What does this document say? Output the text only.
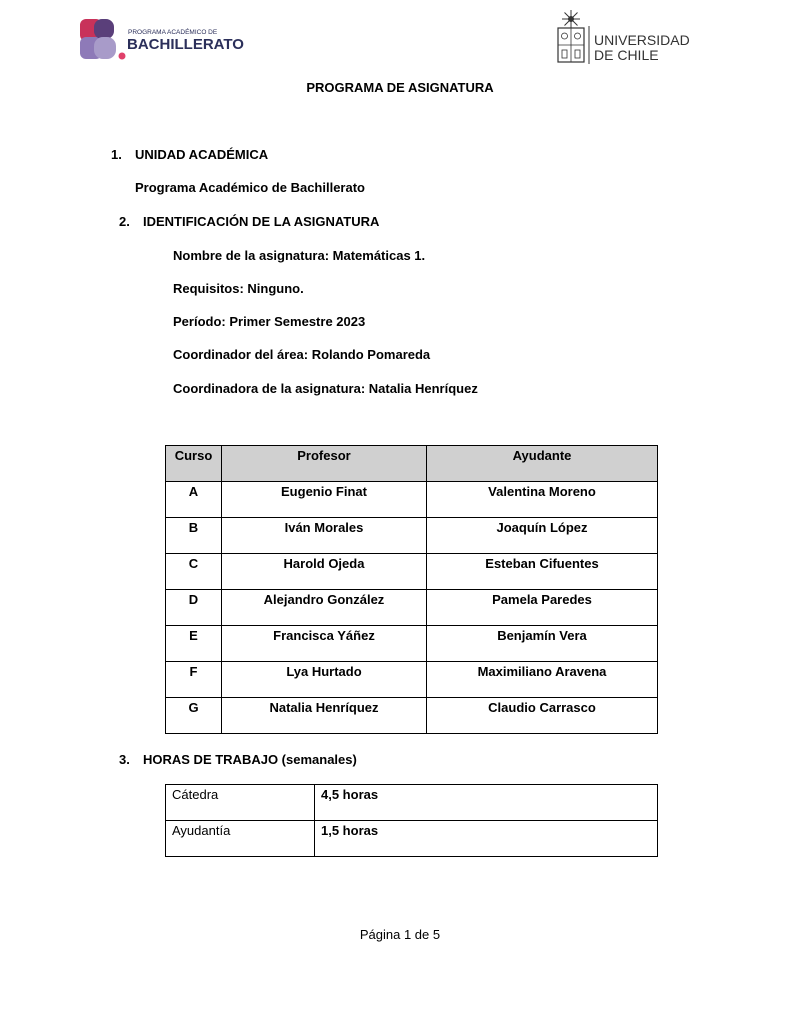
PROGRAMA ACADÉMICO DE
BACHILLERATO	UNIVERSIDAD
DE CHILE
PROGRAMA DE ASIGNATURA
1. UNIDAD ACADÉMICA
Programa Académico de Bachillerato
2. IDENTIFICACIÓN DE LA ASIGNATURA
Nombre de la asignatura: Matemáticas 1.
Requisitos: Ninguno.
Período: Primer Semestre 2023
Coordinador del área: Rolando Pomareda
Coordinadora de la asignatura: Natalia Henríquez
Curso	Profesor	Ayudante
A	Eugenio Finat	Valentina Moreno
B	Iván Morales	Joaquín López
C	Harold Ojeda	Esteban Cifuentes
D	Alejandro González	Pamela Paredes
E	Francisca Yáñez	Benjamín Vera
F	Lya Hurtado	Maximiliano Aravena
G	Natalia Henríquez	Claudio Carrasco
3. HORAS DE TRABAJO (semanales)
Cátedra	4,5 horas
Ayudantía	1,5 horas
Página 1 de 5
